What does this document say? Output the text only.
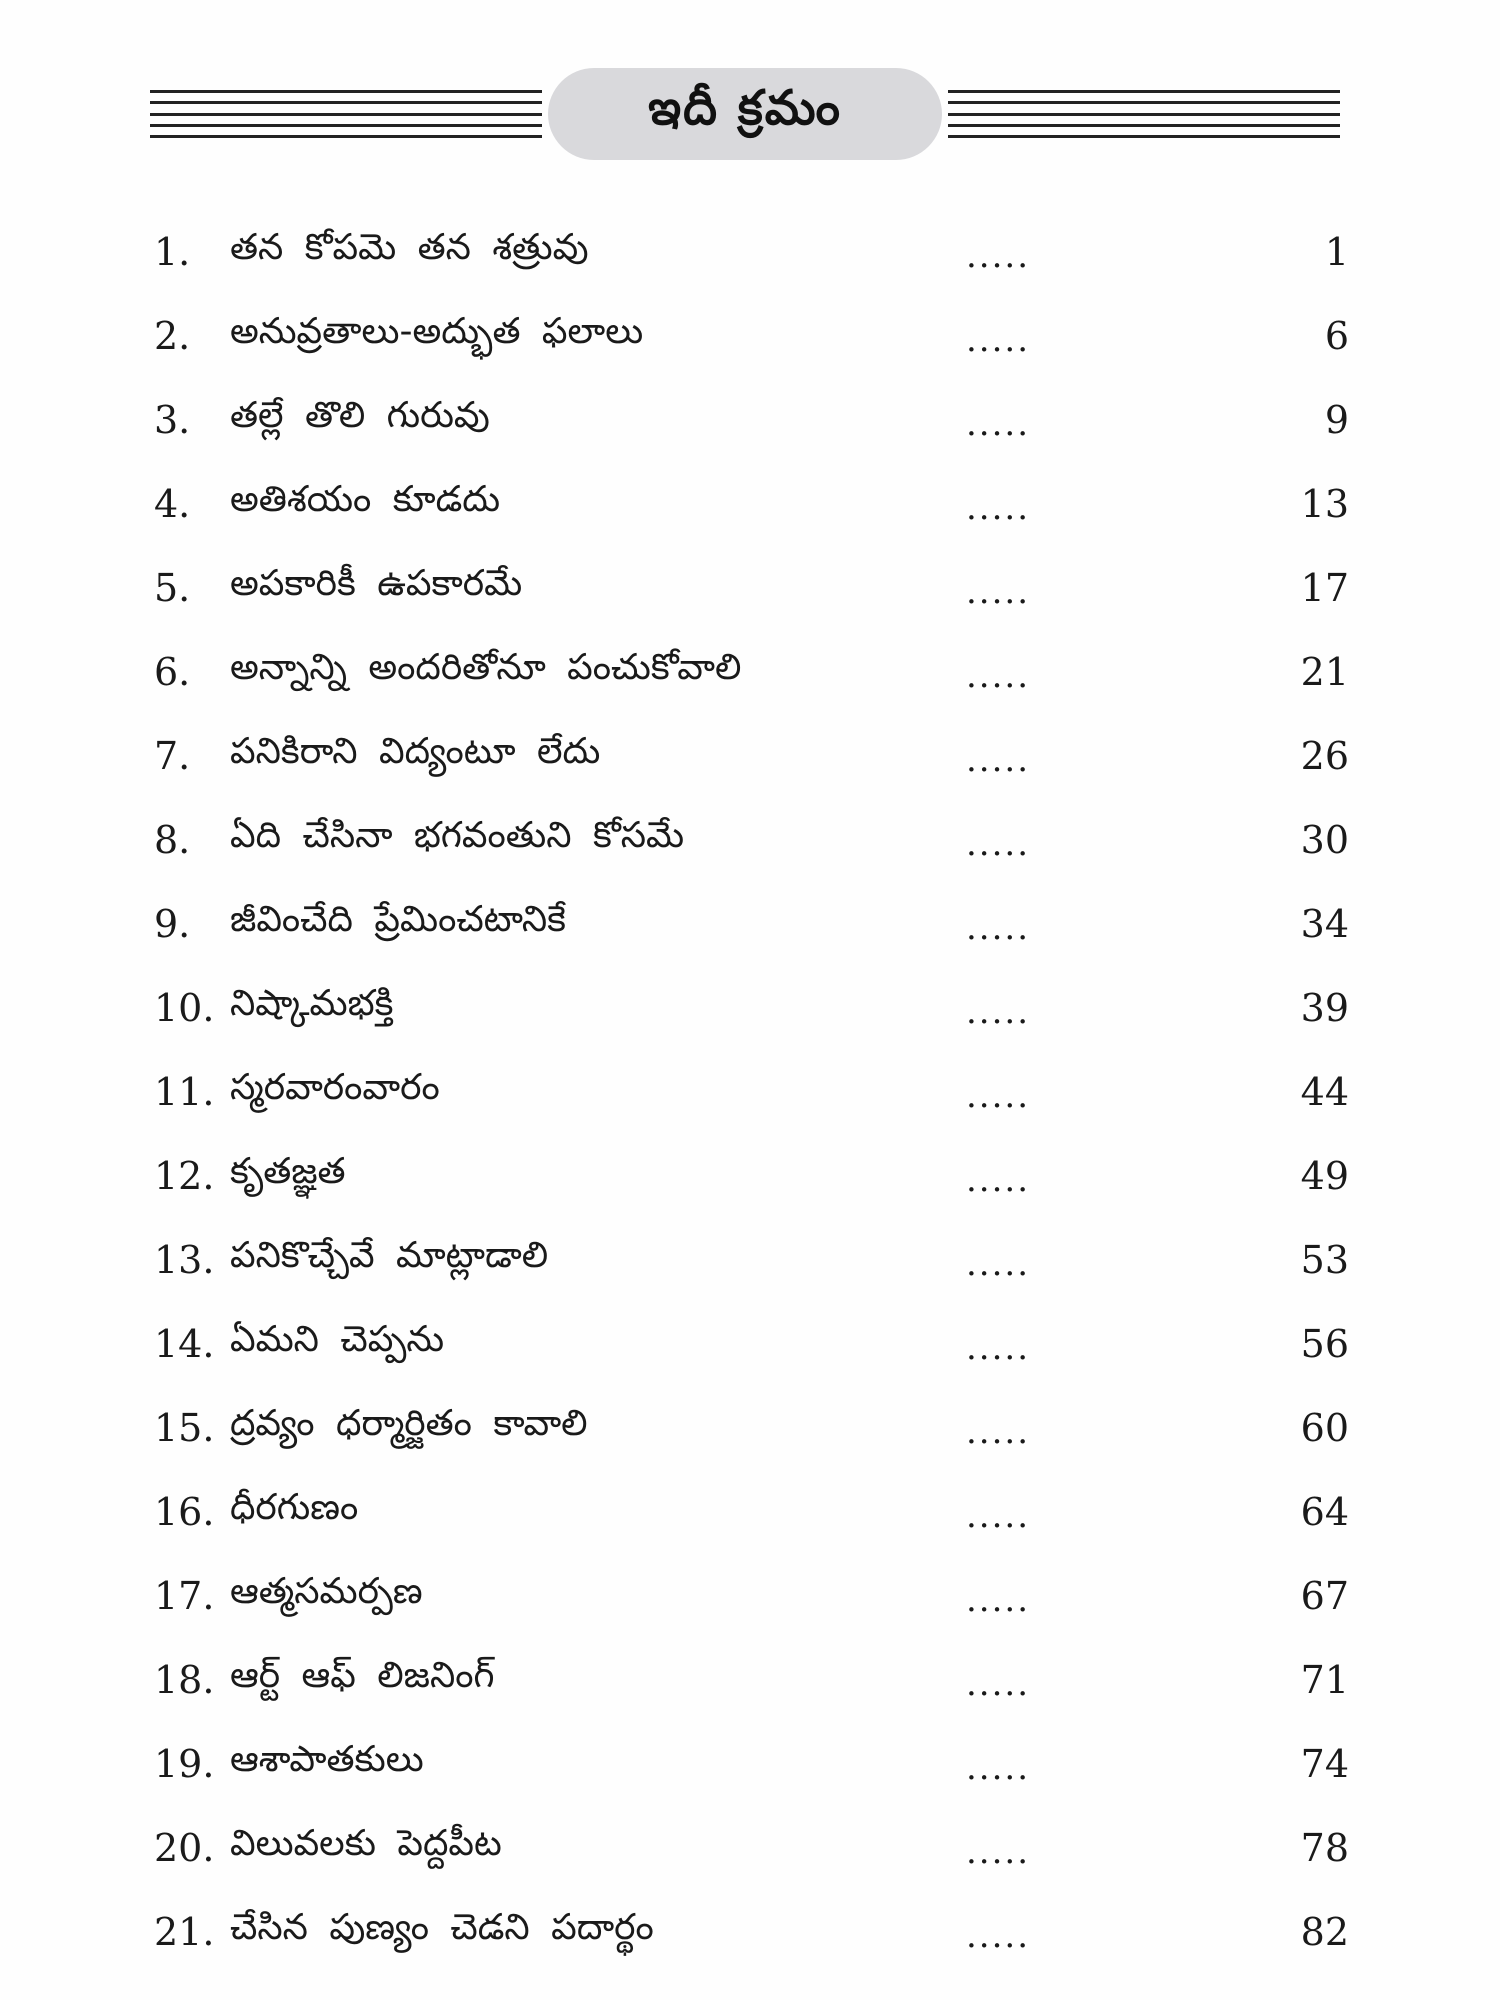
ఇదీ క్రమం
1.	తన కోపమె తన శత్రువు	.....	1
2.	అనువ్రతాలు-అద్భుత ఫలాలు	.....	6
3.	తల్లే తొలి గురువు	.....	9
4.	అతిశయం కూడదు	.....	13
5.	అపకారికీ ఉపకారమే	.....	17
6.	అన్నాన్ని అందరితోనూ పంచుకోవాలి	.....	21
7.	పనికిరాని విద్యంటూ లేదు	.....	26
8.	ఏది చేసినా భగవంతుని కోసమే	.....	30
9.	జీవించేది ప్రేమించటానికే	.....	34
10. నిష్కామభక్తి	.....	39
11. స్మరవారంవారం	.....	44
12. కృతజ్ఞత	.....	49
13. పనికొచ్చేవే మాట్లాడాలి	.....	53
14. ఏమని చెప్పను	.....	56
15. ద్రవ్యం ధర్మార్జితం కావాలి	.....	60
16. ధీరగుణం	.....	64
17. ఆత్మసమర్పణ	.....	67
18. ఆర్ట్ ఆఫ్ లిజనింగ్	.....	71
19. ఆశాపాతకులు	.....	74
20. విలువలకు పెద్దపీట	.....	78
21. చేసిన పుణ్యం చెడని పదార్థం	.....	82
